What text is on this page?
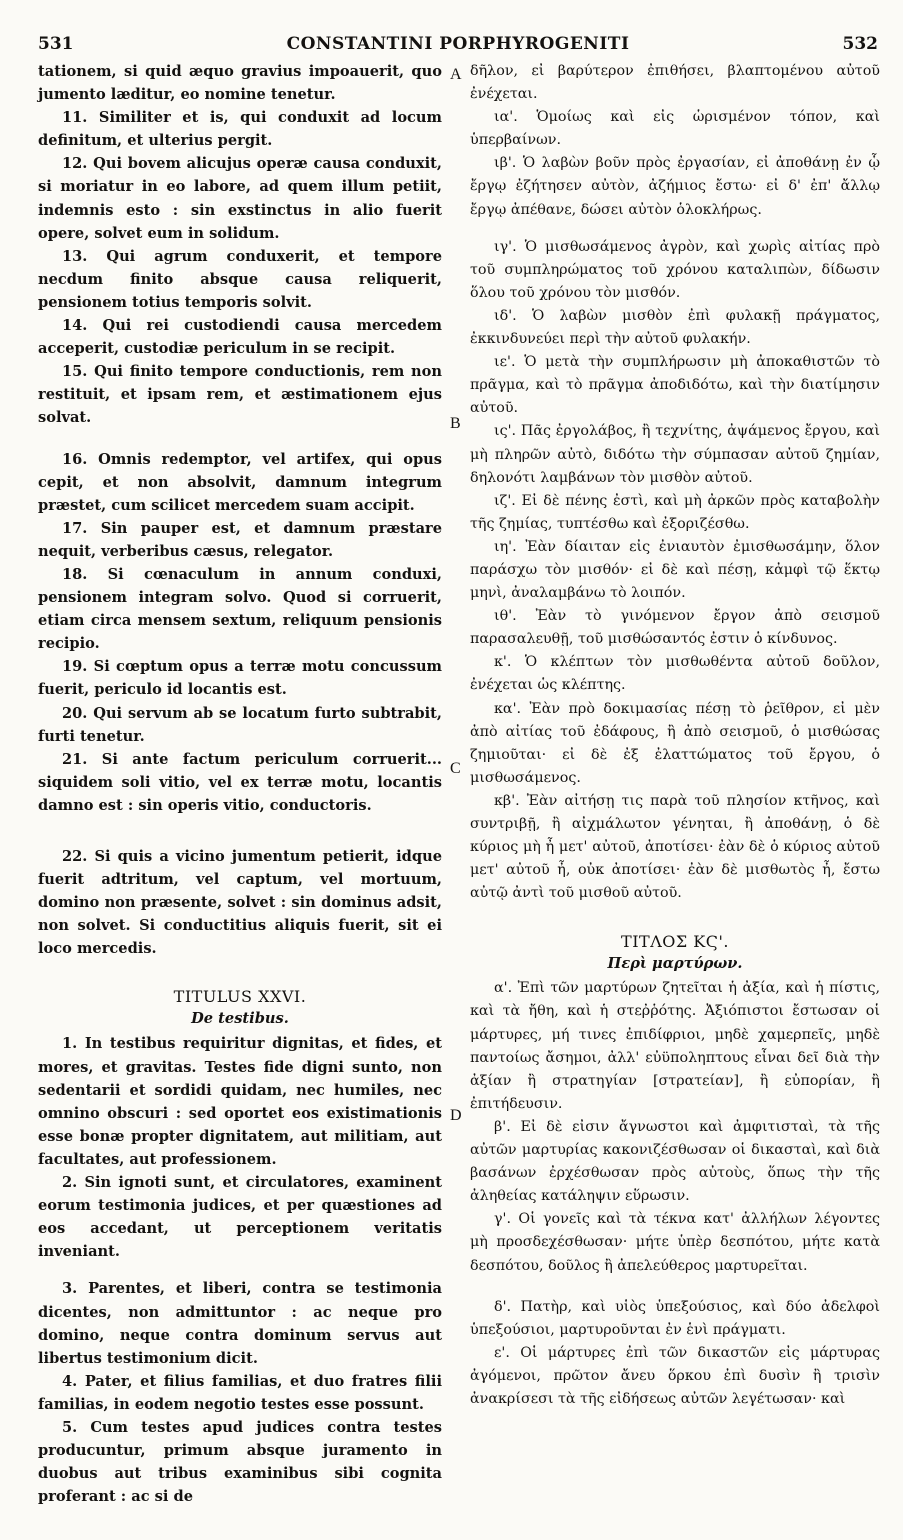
531	CONSTANTINI PORPHYROGENITI	532
A
B
C
D

tationem, si quid æquo gravius impoauerit, quo jumento læditur, eo nomine tenetur.

11. Similiter et is, qui conduxit ad locum definitum, et ulterius pergit.

12. Qui bovem alicujus operæ causa conduxit, si moriatur in eo labore, ad quem illum petiit, indemnis esto : sin exstinctus in alio fuerit opere, solvet eum in solidum.

13. Qui agrum conduxerit, et tempore necdum finito absque causa reliquerit, pensionem totius temporis solvit.

14. Qui rei custodiendi causa mercedem acceperit, custodiæ periculum in se recipit.

15. Qui finito tempore conductionis, rem non restituit, et ipsam rem, et æstimationem ejus solvat.

16. Omnis redemptor, vel artifex, qui opus cepit, et non absolvit, damnum integrum præstet, cum scilicet mercedem suam accipit.

17. Sin pauper est, et damnum præstare nequit, verberibus cæsus, relegator.

18. Si cœnaculum in annum conduxi, pensionem integram solvo. Quod si corruerit, etiam circa mensem sextum, reliquum pensionis recipio.

19. Si cœptum opus a terræ motu concussum fuerit, periculo id locantis est.

20. Qui servum ab se locatum furto subtrabit, furti tenetur.

21. Si ante factum periculum corruerit... siquidem soli vitio, vel ex terræ motu, locantis damno est : sin operis vitio, conductoris.

22. Si quis a vicino jumentum petierit, idque fuerit adtritum, vel captum, vel mortuum, domino non præsente, solvet : sin dominus adsit, non solvet. Si conductitius aliquis fuerit, sit ei loco mercedis.

TITULUS XXVI.
De testibus.

1. In testibus requiritur dignitas, et fides, et mores, et gravitas. Testes fide digni sunto, non sedentarii et sordidi quidam, nec humiles, nec omnino obscuri : sed oportet eos existimationis esse bonæ propter dignitatem, aut militiam, aut facultates, aut professionem.

2. Sin ignoti sunt, et circulatores, examinent eorum testimonia judices, et per quæstiones ad eos accedant, ut perceptionem veritatis inveniant.

3. Parentes, et liberi, contra se testimonia dicentes, non admittuntor : ac neque pro domino, neque contra dominum servus aut libertus testimonium dicit.

4. Pater, et filius familias, et duo fratres filii familias, in eodem negotio testes esse possunt.

5. Cum testes apud judices contra testes producuntur, primum absque juramento in duobus aut tribus examinibus sibi cognita proferant : ac si de

δῆλον, εἰ βαρύτερον ἐπιθήσει, βλαπτομένου αὐτοῦ ἐνέχεται.

ια'. Ὁμοίως καὶ εἰς ὡρισμένον τόπον, καὶ ὑπερβαίνων.

ιβ'. Ὁ λαβὼν βοῦν πρὸς ἐργασίαν, εἰ ἀποθάνῃ ἐν ᾧ ἔργῳ ἐζήτησεν αὐτὸν, ἀζήμιος ἔστω· εἰ δ' ἐπ' ἄλλῳ ἔργῳ ἀπέθανε, δώσει αὐτὸν ὁλοκλήρως.

ιγ'. Ὁ μισθωσάμενος ἀγρὸν, καὶ χωρὶς αἰτίας πρὸ τοῦ συμπληρώματος τοῦ χρόνου καταλιπὼν, δίδωσιν ὅλου τοῦ χρόνου τὸν μισθόν.

ιδ'. Ὁ λαβὼν μισθὸν ἐπὶ φυλακῇ πράγματος, ἐκκινδυνεύει περὶ τὴν αὐτοῦ φυλακήν.

ιε'. Ὁ μετὰ τὴν συμπλήρωσιν μὴ ἀποκαθιστῶν τὸ πρᾶγμα, καὶ τὸ πρᾶγμα ἀποδιδότω, καὶ τὴν διατίμησιν αὐτοῦ.

ις'. Πᾶς ἐργολάβος, ἢ τεχνίτης, ἀψάμενος ἔργου, καὶ μὴ πληρῶν αὐτὸ, διδότω τὴν σύμπασαν αὐτοῦ ζημίαν, δηλονότι λαμβάνων τὸν μισθὸν αὐτοῦ.

ιζ'. Εἰ δὲ πένης ἐστὶ, καὶ μὴ ἀρκῶν πρὸς καταβολὴν τῆς ζημίας, τυπτέσθω καὶ ἐξοριζέσθω.

ιη'. Ἐὰν δίαιταν εἰς ἐνιαυτὸν ἐμισθωσάμην, ὅλον παράσχω τὸν μισθόν· εἰ δὲ καὶ πέσῃ, κἀμφὶ τῷ ἕκτῳ μηνὶ, ἀναλαμβάνω τὸ λοιπόν.

ιθ'. Ἐὰν τὸ γινόμενον ἔργον ἀπὸ σεισμοῦ παρασαλευθῇ, τοῦ μισθώσαντός ἐστιν ὁ κίνδυνος.

κ'. Ὁ κλέπτων τὸν μισθωθέντα αὐτοῦ δοῦλον, ἐνέχεται ὡς κλέπτης.

κα'. Ἐὰν πρὸ δοκιμασίας πέσῃ τὸ ῥεῖθρον, εἰ μὲν ἀπὸ αἰτίας τοῦ ἐδάφους, ἢ ἀπὸ σεισμοῦ, ὁ μισθώσας ζημιοῦται· εἰ δὲ ἐξ ἐλαττώματος τοῦ ἔργου, ὁ μισθωσάμενος.

κβ'. Ἐὰν αἰτήσῃ τις παρὰ τοῦ πλησίον κτῆνος, καὶ συντριβῇ, ἢ αἰχμάλωτον γένηται, ἢ ἀποθάνῃ, ὁ δὲ κύριος μὴ ἦ μετ' αὐτοῦ, ἀποτίσει· ἐὰν δὲ ὁ κύριος αὐτοῦ μετ' αὐτοῦ ἦ, οὐκ ἀποτίσει· ἐὰν δὲ μισθωτὸς ἦ, ἔστω αὐτῷ ἀντὶ τοῦ μισθοῦ αὐτοῦ.

ΤΙΤΛΟΣ ΚϚ'.
Περὶ μαρτύρων.

α'. Ἐπὶ τῶν μαρτύρων ζητεῖται ἡ ἀξία, καὶ ἡ πίστις, καὶ τὰ ἤθη, καὶ ἡ στεῤῥότης. Ἀξιόπιστοι ἔστωσαν οἱ μάρτυρες, μή τινες ἐπιδίφριοι, μηδὲ χαμερπεῖς, μηδὲ παντοίως ἄσημοι, ἀλλ' εὐϋποληπτους εἶναι δεῖ διὰ τὴν ἀξίαν ἢ στρατηγίαν [στρατείαν], ἢ εὐπορίαν, ἢ ἐπιτήδευσιν.

β'. Εἰ δὲ εἰσιν ἄγνωστοι καὶ ἀμφιτισταὶ, τὰ τῆς αὐτῶν μαρτυρίας κακονιζέσθωσαν οἱ δικασταὶ, καὶ διὰ βασάνων ἐρχέσθωσαν πρὸς αὐτοὺς, ὅπως τὴν τῆς ἀληθείας κατάληψιν εὕρωσιν.

γ'. Οἱ γονεῖς καὶ τὰ τέκνα κατ' ἀλλήλων λέγοντες μὴ προσδεχέσθωσαν· μήτε ὑπὲρ δεσπότου, μήτε κατὰ δεσπότου, δοῦλος ἢ ἀπελεύθερος μαρτυρεῖται.

δ'. Πατὴρ, καὶ υἱὸς ὑπεξούσιος, καὶ δύο ἀδελφοὶ ὑπεξούσιοι, μαρτυροῦνται ἐν ἑνὶ πράγματι.

ε'. Οἱ μάρτυρες ἐπὶ τῶν δικαστῶν εἰς μάρτυρας ἀγόμενοι, πρῶτον ἄνευ ὅρκου ἐπὶ δυσὶν ἢ τρισὶν ἀνακρίσεσι τὰ τῆς εἰδήσεως αὐτῶν λεγέτωσαν· καὶ
